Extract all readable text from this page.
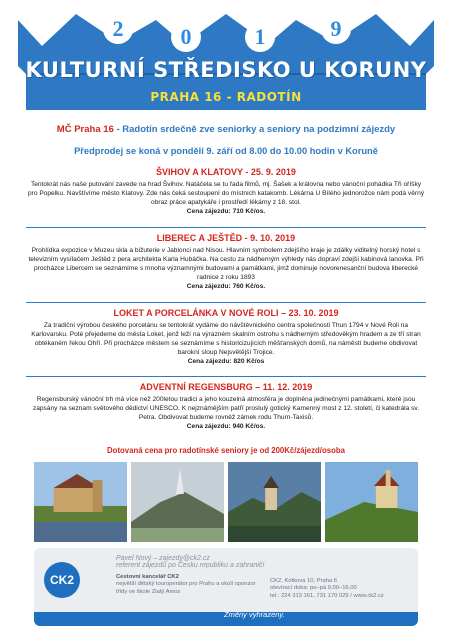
2	0	1	9
KULTURNÍ STŘEDISKO U KORUNY
PRAHA 16 - RADOTÍN
MČ Praha 16 - Radotín srdečně zve seniorky a seniory na podzimní zájezdy
Předprodej se koná v pondělí 9. září od 8.00 do 10.00 hodin v Koruně
ŠVIHOV A KLATOVY - 25. 9. 2019

Tentokrát nás naše putování zavede na hrad Švihov. Natáčela se tu řada filmů, mj. Šašek a královna nebo vánoční pohádka Tři oříšky pro Popelku. Navštívíme město Klatovy. Zde nás čeká sestoupení do místních katakomb. Lékárna U Bílého jednorožce nám podá věrný obraz práce apatykáře i prostředí lékárny z 18. stol.

Cena zájezdu: 710 Kč/os.

LIBEREC A JEŠTĚD - 9. 10. 2019

Prohlídka expozice v Muzeu skla a bižuterie v Jablonci nad Nisou. Hlavním symbolem zdejšího kraje je zdálky viditelný horský hotel s televizním vysílačem Ještěd z pera architekta Karla Hubáčka. Na cestu za nádherným výhledy nás dopraví zdejší kabinová lanovka. Při procházce Libercem se seznámíme s mnoha významnými budovami a památkami, jimž dominuje novorenesanční budova liberecké radnice z roku 1893

Cena zájezdu: 760 Kč/os.

LOKET A PORCELÁNKA V NOVÉ ROLI – 23. 10. 2019

Za tradiční výrobou českého porcelánu se tentokrát vydáme do návštěvnického centra společnosti Thun 1794 v Nové Roli na Karlovarsku. Poté přejedeme do města Loket, jenž leží na výrazném skalním ostrohu s nádherným středověkým hradem a ze tří stran obtékaném řekou Ohří. Při procházce městem se seznámíme s historicizujících měšťanských domů, na náměstí budeme obdivovat barokní sloup Nejsvětější Trojice.

Cena zájezdu: 820 Kč/os

ADVENTNÍ REGENSBURG – 11. 12. 2019

Regensburský vánoční trh má více než 200letou tradici a jeho kouzelná atmosféra je doplněna jedinečnými památkami, které jsou zapsány na seznam světového dědictví UNESCO. K nejznámějším patří proslulý gotický Kamenný most z 12. století, či katedrála sv. Petra. Obdivovat budeme rovněž zámek rodu Thurn-Taxisů.

Cena zájezdu: 940 Kč/os.

Dotovaná cena pro radotínské seniory je od 200Kč/zájezd/osoba
CK2
Pavel Nový – zajezdy@ck2.cz
referent zájezdů po Česku republiku a zahraničí
Cestovní kancelář CK2
největší dětský touroperátor pro Prahu a okolí sponzor třídy ve škole Zlatý Amos
CK2, Kotkova 10, Praha 6
otevírací doba: po–pá 9.00–16.00
tel.: 224 313 161, 731 170 029 / www.ck2.cz
Změny vyhrazeny.
